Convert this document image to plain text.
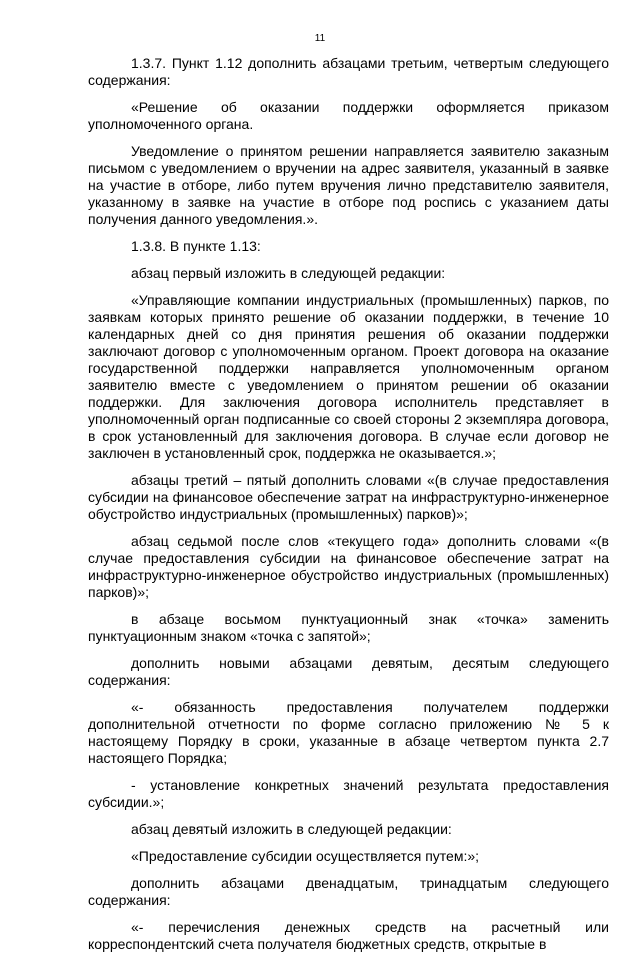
11

1.3.7. Пункт 1.12 дополнить абзацами третьим, четвертым следующего содержания:

«Решение об оказании поддержки оформляется приказом уполномоченного органа.

Уведомление о принятом решении направляется заявителю заказным письмом с уведомлением о вручении на адрес заявителя, указанный в заявке на участие в отборе, либо путем вручения лично представителю заявителя, указанному в заявке на участие в отборе под роспись с указанием даты получения данного уведомления.».

1.3.8. В пункте 1.13:

абзац первый изложить в следующей редакции:

«Управляющие компании индустриальных (промышленных) парков, по заявкам которых принято решение об оказании поддержки, в течение 10 календарных дней со дня принятия решения об оказании поддержки заключают договор с уполномоченным органом. Проект договора на оказание государственной поддержки направляется уполномоченным органом заявителю вместе с уведомлением о принятом решении об оказании поддержки. Для заключения договора исполнитель представляет в уполномоченный орган подписанные со своей стороны 2 экземпляра договора, в срок установленный для заключения договора. В случае если договор не заключен в установленный срок, поддержка не оказывается.»;

абзацы третий – пятый дополнить словами «(в случае предоставления субсидии на финансовое обеспечение затрат на инфраструктурно-инженерное обустройство индустриальных (промышленных) парков)»;

абзац седьмой после слов «текущего года» дополнить словами «(в случае предоставления субсидии на финансовое обеспечение затрат на инфраструктурно-инженерное обустройство индустриальных (промышленных) парков)»;

в абзаце восьмом пунктуационный знак «точка» заменить пунктуационным знаком «точка с запятой»;

дополнить новыми абзацами девятым, десятым следующего содержания:

«- обязанность предоставления получателем поддержки дополнительной отчетности по форме согласно приложению № 5 к настоящему Порядку в сроки, указанные в абзаце четвертом пункта 2.7 настоящего Порядка;

- установление конкретных значений результата предоставления субсидии.»;

абзац девятый изложить в следующей редакции:

«Предоставление субсидии осуществляется путем:»;

дополнить абзацами двенадцатым, тринадцатым следующего содержания:

«- перечисления денежных средств на расчетный или корреспондентский счета получателя бюджетных средств, открытые в
